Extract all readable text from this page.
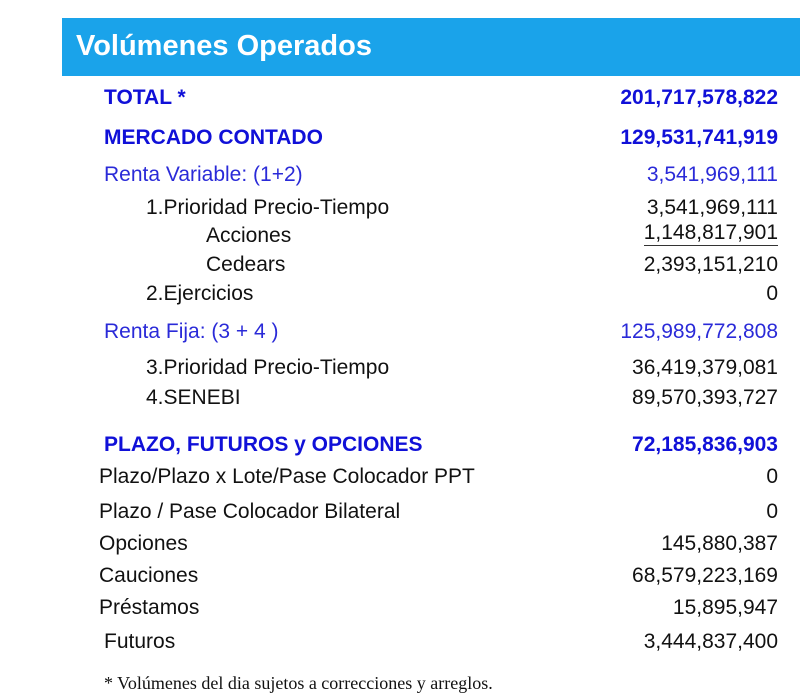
Volúmenes Operados
TOTAL *	201,717,578,822
MERCADO CONTADO	129,531,741,919
Renta Variable: (1+2)	3,541,969,111
1.Prioridad Precio-Tiempo	3,541,969,111
Acciones	1,148,817,901
Cedears	2,393,151,210
2.Ejercicios	0
Renta Fija: (3 + 4 )	125,989,772,808
3.Prioridad Precio-Tiempo	36,419,379,081
4.SENEBI	89,570,393,727
PLAZO, FUTUROS y OPCIONES	72,185,836,903
Plazo/Plazo x Lote/Pase Colocador PPT	0
Plazo / Pase Colocador Bilateral	0
Opciones	145,880,387
Cauciones	68,579,223,169
Préstamos	15,895,947
Futuros	3,444,837,400
* Volúmenes del dia sujetos a correcciones y arreglos.
